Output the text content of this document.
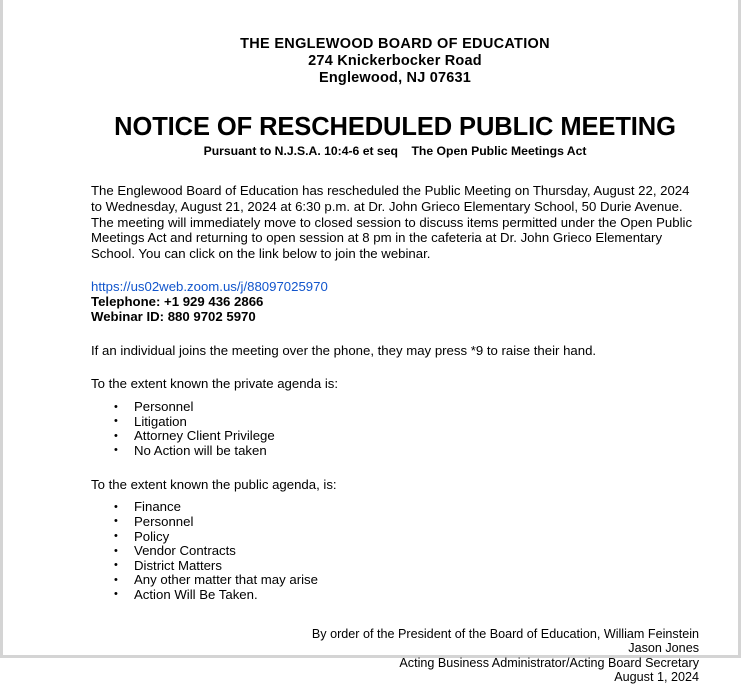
THE ENGLEWOOD BOARD OF EDUCATION
274 Knickerbocker Road
Englewood, NJ 07631
NOTICE OF RESCHEDULED PUBLIC MEETING
Pursuant to N.J.S.A. 10:4-6 et seq    The Open Public Meetings Act
The Englewood Board of Education has rescheduled the Public Meeting on Thursday, August 22, 2024 to Wednesday, August 21, 2024 at 6:30 p.m. at Dr. John Grieco Elementary School, 50 Durie Avenue. The meeting will immediately move to closed session to discuss items permitted under the Open Public Meetings Act and returning to open session at 8 pm in the cafeteria at Dr. John Grieco Elementary School. You can click on the link below to join the webinar.
https://us02web.zoom.us/j/88097025970
Telephone: +1 929 436 2866
Webinar ID: 880 9702 5970
If an individual joins the meeting over the phone, they may press *9 to raise their hand.
To the extent known the private agenda is:
• Personnel
• Litigation
• Attorney Client Privilege
• No Action will be taken
To the extent known the public agenda, is:
• Finance
• Personnel
• Policy
• Vendor Contracts
• District Matters
• Any other matter that may arise
• Action Will Be Taken.
By order of the President of the Board of Education, William Feinstein
Jason Jones
Acting Business Administrator/Acting Board Secretary
August 1, 2024
